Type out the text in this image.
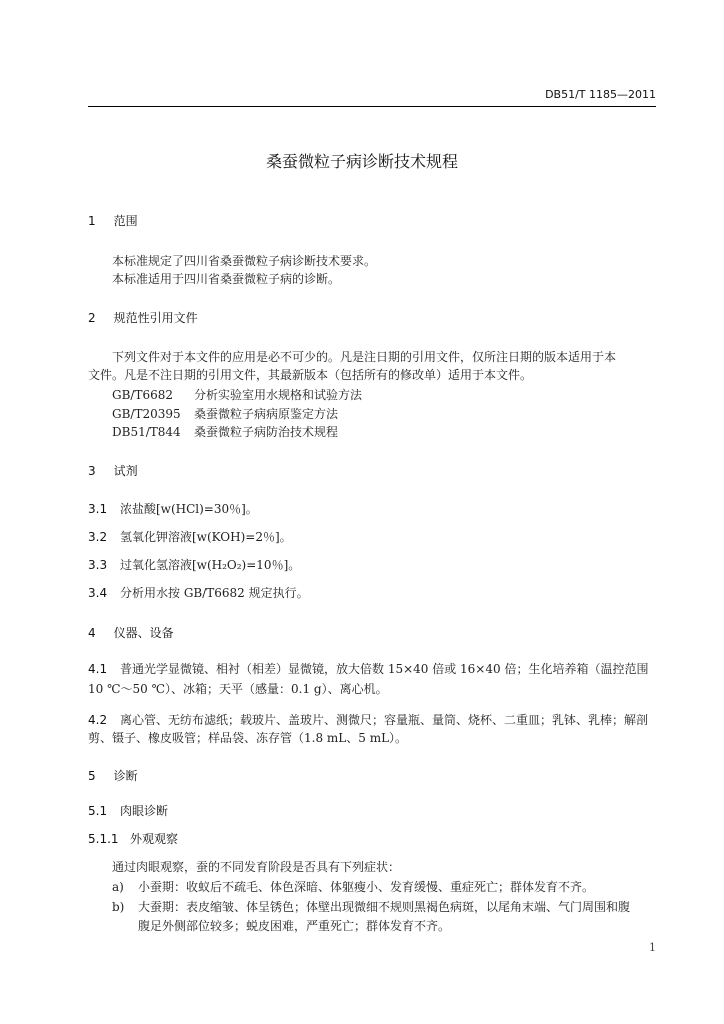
DB51/T 1185—2011
桑蚕微粒子病诊断技术规程
1 范围
本标准规定了四川省桑蚕微粒子病诊断技术要求。
本标准适用于四川省桑蚕微粒子病的诊断。
2 规范性引用文件
下列文件对于本文件的应用是必不可少的。凡是注日期的引用文件，仅所注日期的版本适用于本
文件。凡是不注日期的引用文件，其最新版本（包括所有的修改单）适用于本文件。
GB/T6682 分析实验室用水规格和试验方法
GB/T20395 桑蚕微粒子病病原鉴定方法
DB51/T844 桑蚕微粒子病防治技术规程
3 试剂
3.1 浓盐酸[w(HCl)=30％]。
3.2 氢氧化钾溶液[w(KOH)=2％]。
3.3 过氧化氢溶液[w(H₂O₂)=10％]。
3.4 分析用水按 GB/T6682 规定执行。
4 仪器、设备
4.1 普通光学显微镜、相衬（相差）显微镜，放大倍数 15×40 倍或 16×40 倍；生化培养箱（温控范围
10 ℃～50 ℃）、冰箱；天平（感量：0.1 g）、离心机。
4.2 离心管、无纺布滤纸；载玻片、盖玻片、测微尺；容量瓶、量筒、烧杯、二重皿；乳钵、乳棒；解剖
剪、镊子、橡皮吸管；样品袋、冻存管（1.8 mL、5 mL）。
5 诊断
5.1 肉眼诊断
5.1.1 外观观察
通过肉眼观察，蚕的不同发育阶段是否具有下列症状：
a) 小蚕期：收蚁后不疏毛、体色深暗、体躯瘦小、发育缓慢、重症死亡；群体发育不齐。
b) 大蚕期：表皮缩皱、体呈锈色；体壁出现微细不规则黑褐色病斑，以尾角末端、气门周围和腹
腹足外侧部位较多；蜕皮困难，严重死亡；群体发育不齐。
1
